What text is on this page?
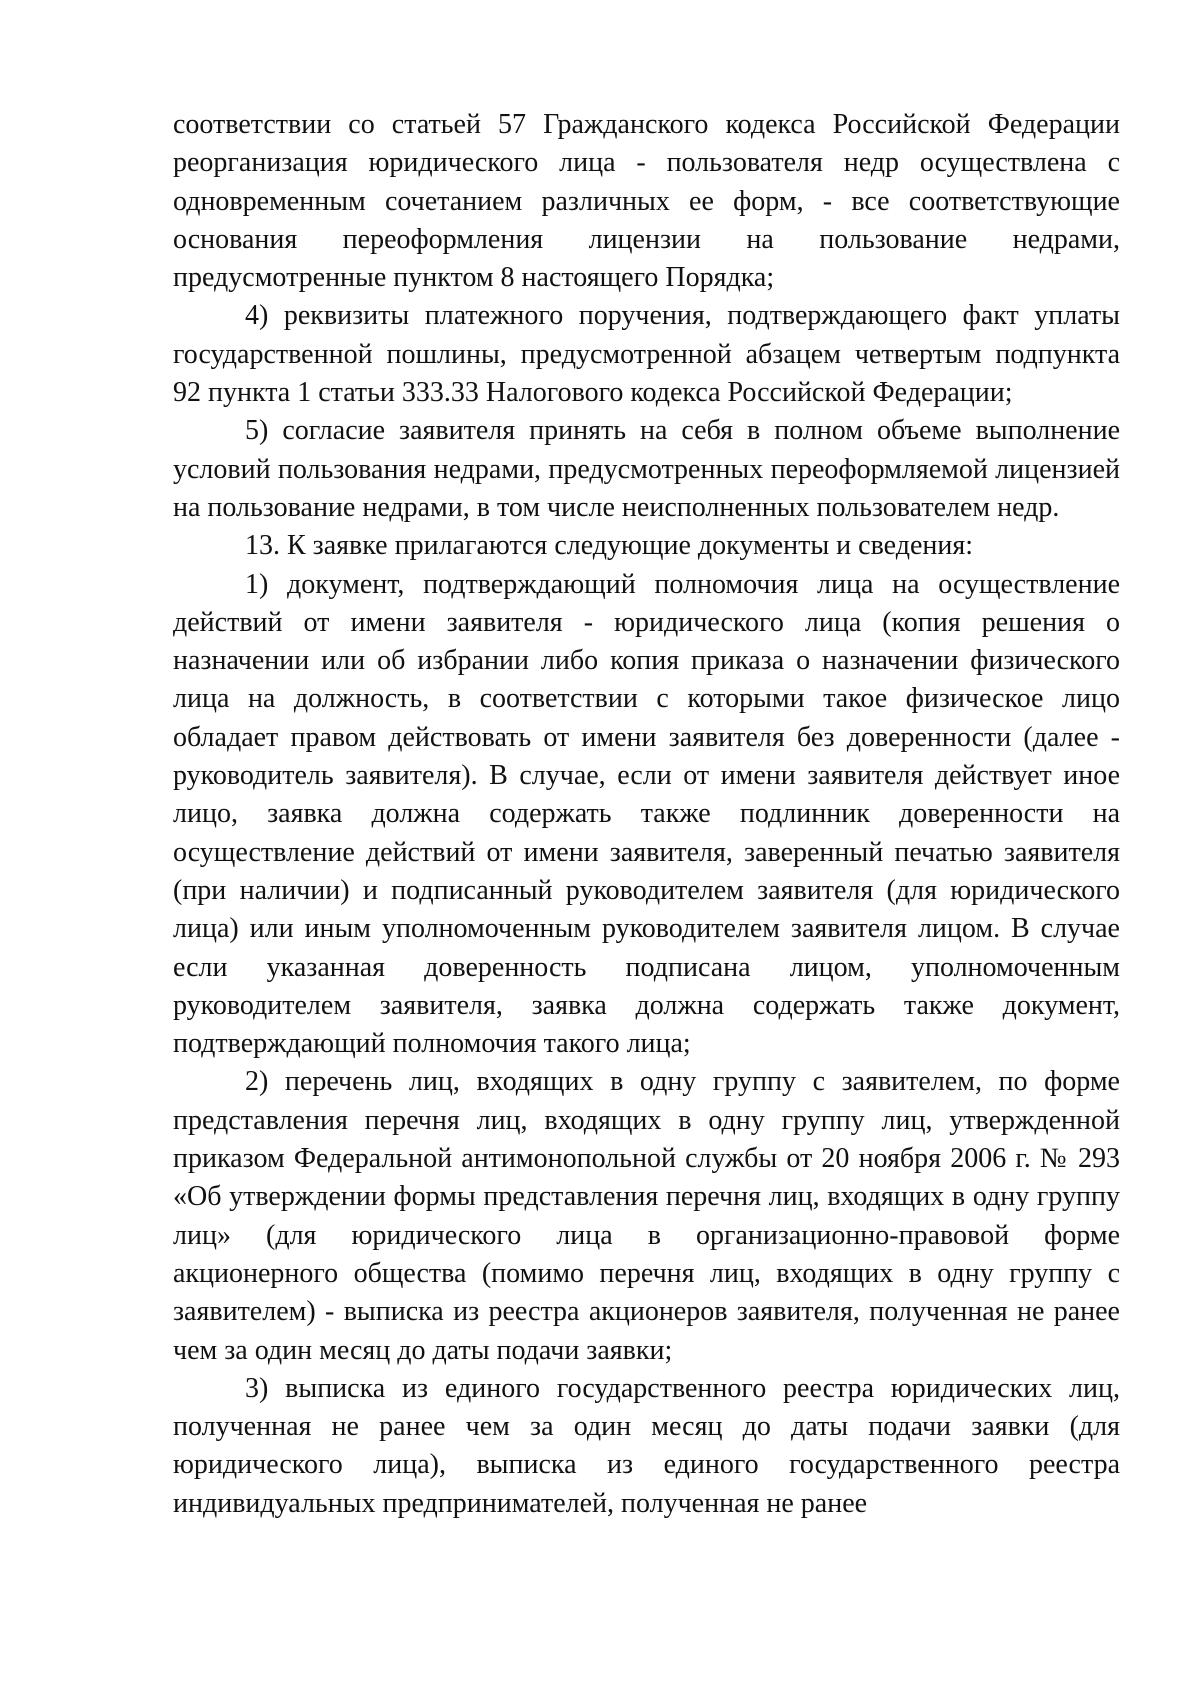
соответствии со статьей 57 Гражданского кодекса Российской Федерации реорганизация юридического лица - пользователя недр осуществлена с одновременным сочетанием различных ее форм, - все соответствующие основания переоформления лицензии на пользование недрами, предусмотренные пунктом 8 настоящего Порядка;

4) реквизиты платежного поручения, подтверждающего факт уплаты государственной пошлины, предусмотренной абзацем четвертым подпункта 92 пункта 1 статьи 333.33 Налогового кодекса Российской Федерации;

5) согласие заявителя принять на себя в полном объеме выполнение условий пользования недрами, предусмотренных переоформляемой лицензией на пользование недрами, в том числе неисполненных пользователем недр.

13. К заявке прилагаются следующие документы и сведения:

1) документ, подтверждающий полномочия лица на осуществление действий от имени заявителя - юридического лица (копия решения о назначении или об избрании либо копия приказа о назначении физического лица на должность, в соответствии с которыми такое физическое лицо обладает правом действовать от имени заявителя без доверенности (далее - руководитель заявителя). В случае, если от имени заявителя действует иное лицо, заявка должна содержать также подлинник доверенности на осуществление действий от имени заявителя, заверенный печатью заявителя (при наличии) и подписанный руководителем заявителя (для юридического лица) или иным уполномоченным руководителем заявителя лицом. В случае если указанная доверенность подписана лицом, уполномоченным руководителем заявителя, заявка должна содержать также документ, подтверждающий полномочия такого лица;

2) перечень лиц, входящих в одну группу с заявителем, по форме представления перечня лиц, входящих в одну группу лиц, утвержденной приказом Федеральной антимонопольной службы от 20 ноября 2006 г. № 293 «Об утверждении формы представления перечня лиц, входящих в одну группу лиц» (для юридического лица в организационно-правовой форме акционерного общества (помимо перечня лиц, входящих в одну группу с заявителем) - выписка из реестра акционеров заявителя, полученная не ранее чем за один месяц до даты подачи заявки;

3) выписка из единого государственного реестра юридических лиц, полученная не ранее чем за один месяц до даты подачи заявки (для юридического лица), выписка из единого государственного реестра индивидуальных предпринимателей, полученная не ранее
